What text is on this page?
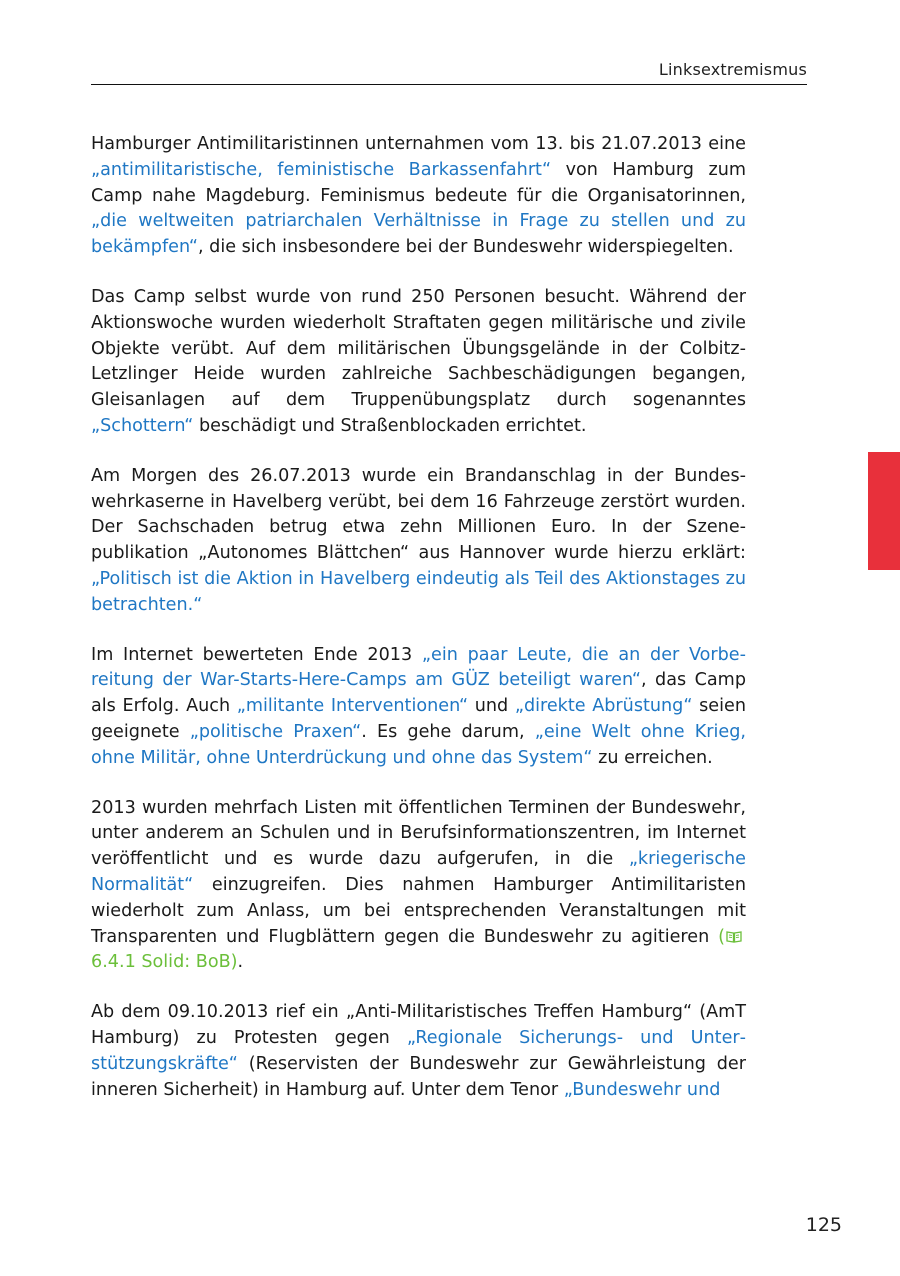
Linksextremismus

Hamburger Antimilitaristinnen unternahmen vom 13. bis 21.07.2013 eine „antimilitaristische, feministische Barkassenfahrt“ von Hamburg zum Camp nahe Magdeburg. Feminismus bedeute für die Organisatorinnen, „die weltweiten patriarchalen Verhältnisse in Frage zu stellen und zu bekämpfen“, die sich insbesondere bei der Bundeswehr widerspiegelten.

Das Camp selbst wurde von rund 250 Personen besucht. Während der Aktionswoche wurden wiederholt Straftaten gegen militärische und zivile Objekte verübt. Auf dem militärischen Übungsgelände in der Colbitz-Letzlinger Heide wurden zahlreiche Sachbeschädigungen begangen, Gleisanlagen auf dem Truppenübungsplatz durch sogenanntes „Schottern“ beschädigt und Straßenblockaden errichtet.

Am Morgen des 26.07.2013 wurde ein Brandanschlag in der Bundeswehrkaserne in Havelberg verübt, bei dem 16 Fahrzeuge zerstört wurden. Der Sachschaden betrug etwa zehn Millionen Euro. In der Szenepublikation „Autonomes Blättchen“ aus Hannover wurde hierzu erklärt: „Politisch ist die Aktion in Havelberg eindeutig als Teil des Aktionstages zu betrachten.“

Im Internet bewerteten Ende 2013 „ein paar Leute, die an der Vorbereitung der War-Starts-Here-Camps am GÜZ beteiligt waren“, das Camp als Erfolg. Auch „militante Interventionen“ und „direkte Abrüstung“ seien geeignete „politische Praxen“. Es gehe darum, „eine Welt ohne Krieg, ohne Militär, ohne Unterdrückung und ohne das System“ zu erreichen.

2013 wurden mehrfach Listen mit öffentlichen Terminen der Bundeswehr, unter anderem an Schulen und in Berufsinformationszentren, im Internet veröffentlicht und es wurde dazu aufgerufen, in die „kriegerische Normalität“ einzugreifen. Dies nahmen Hamburger Antimilitaristen wiederholt zum Anlass, um bei entsprechenden Veranstaltungen mit Transparenten und Flugblättern gegen die Bundeswehr zu agitieren (6.4.1 Solid: BoB).

Ab dem 09.10.2013 rief ein „Anti-Militaristisches Treffen Hamburg“ (AmT Hamburg) zu Protesten gegen „Regionale Sicherungs- und Unterstützungskräfte“ (Reservisten der Bundeswehr zur Gewährleistung der inneren Sicherheit) in Hamburg auf. Unter dem Tenor „Bundeswehr und

125
